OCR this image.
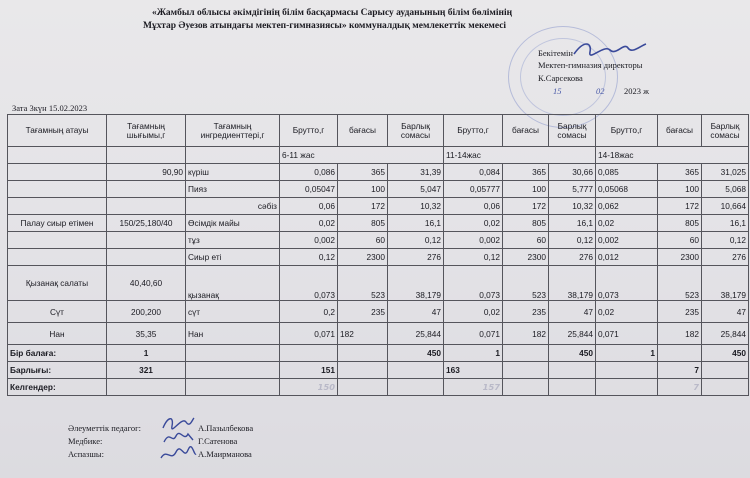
«Жамбыл облысы әкімдігінің білім басқармасы Сарысу ауданының білім бөлімінің
Мұхтар Әуезов атындағы мектеп-гимназиясы» коммуналдық мемлекеттік мекемесі
Бекітемін
Мектеп-гимназия директоры
К.Сарсекова
15	02 2023 ж
Зата 3күн 15.02.2023
Тағамның атауы	Тағамның шығымы,г	Тағамның ингредиенттері,г	Брутто,г	бағасы	Барлық сомасы	Брутто,г	бағасы	Барлық сомасы	Брутто,г	бағасы	Барлық сомасы
			6-11 жас			11-14жас			14-18жас		
	90,90	күріш	0,086	365	31,39	0,084	365	30,66	0,085	365	31,025
		Пияз	0,05047	100	5,047	0,05777	100	5,777	0,05068	100	5,068
		сәбіз	0,06	172	10,32	0,06	172	10,32	0,062	172	10,664
Палау сиыр етімен	150/25,180/40	Өсімдік майы	0,02	805	16,1	0,02	805	16,1	0,02	805	16,1
		тұз	0,002	60	0,12	0,002	60	0,12	0,002	60	0,12
		Сиыр еті	0,12	2300	276	0,12	2300	276	0,012	2300	276
Қызанақ салаты	40,40,60	қызанақ	0,073	523	38,179	0,073	523	38,179	0,073	523	38,179
Сүт	200,200	сүт	0,2	235	47	0,02	235	47	0,02	235	47
Нан	35,35	Нан	0,071	182	25,844	0,071	182	25,844	0,071	182	25,844
Бір балаға:	1				450	1		450	1		450
Барлығы:	321		151			163				7	
Келгендер:			150			157				7	
Әлеуметтік педагог:
Медбике:
Аспазшы:
А.Пазылбекова
Г.Сатенова
А.Маирманова
